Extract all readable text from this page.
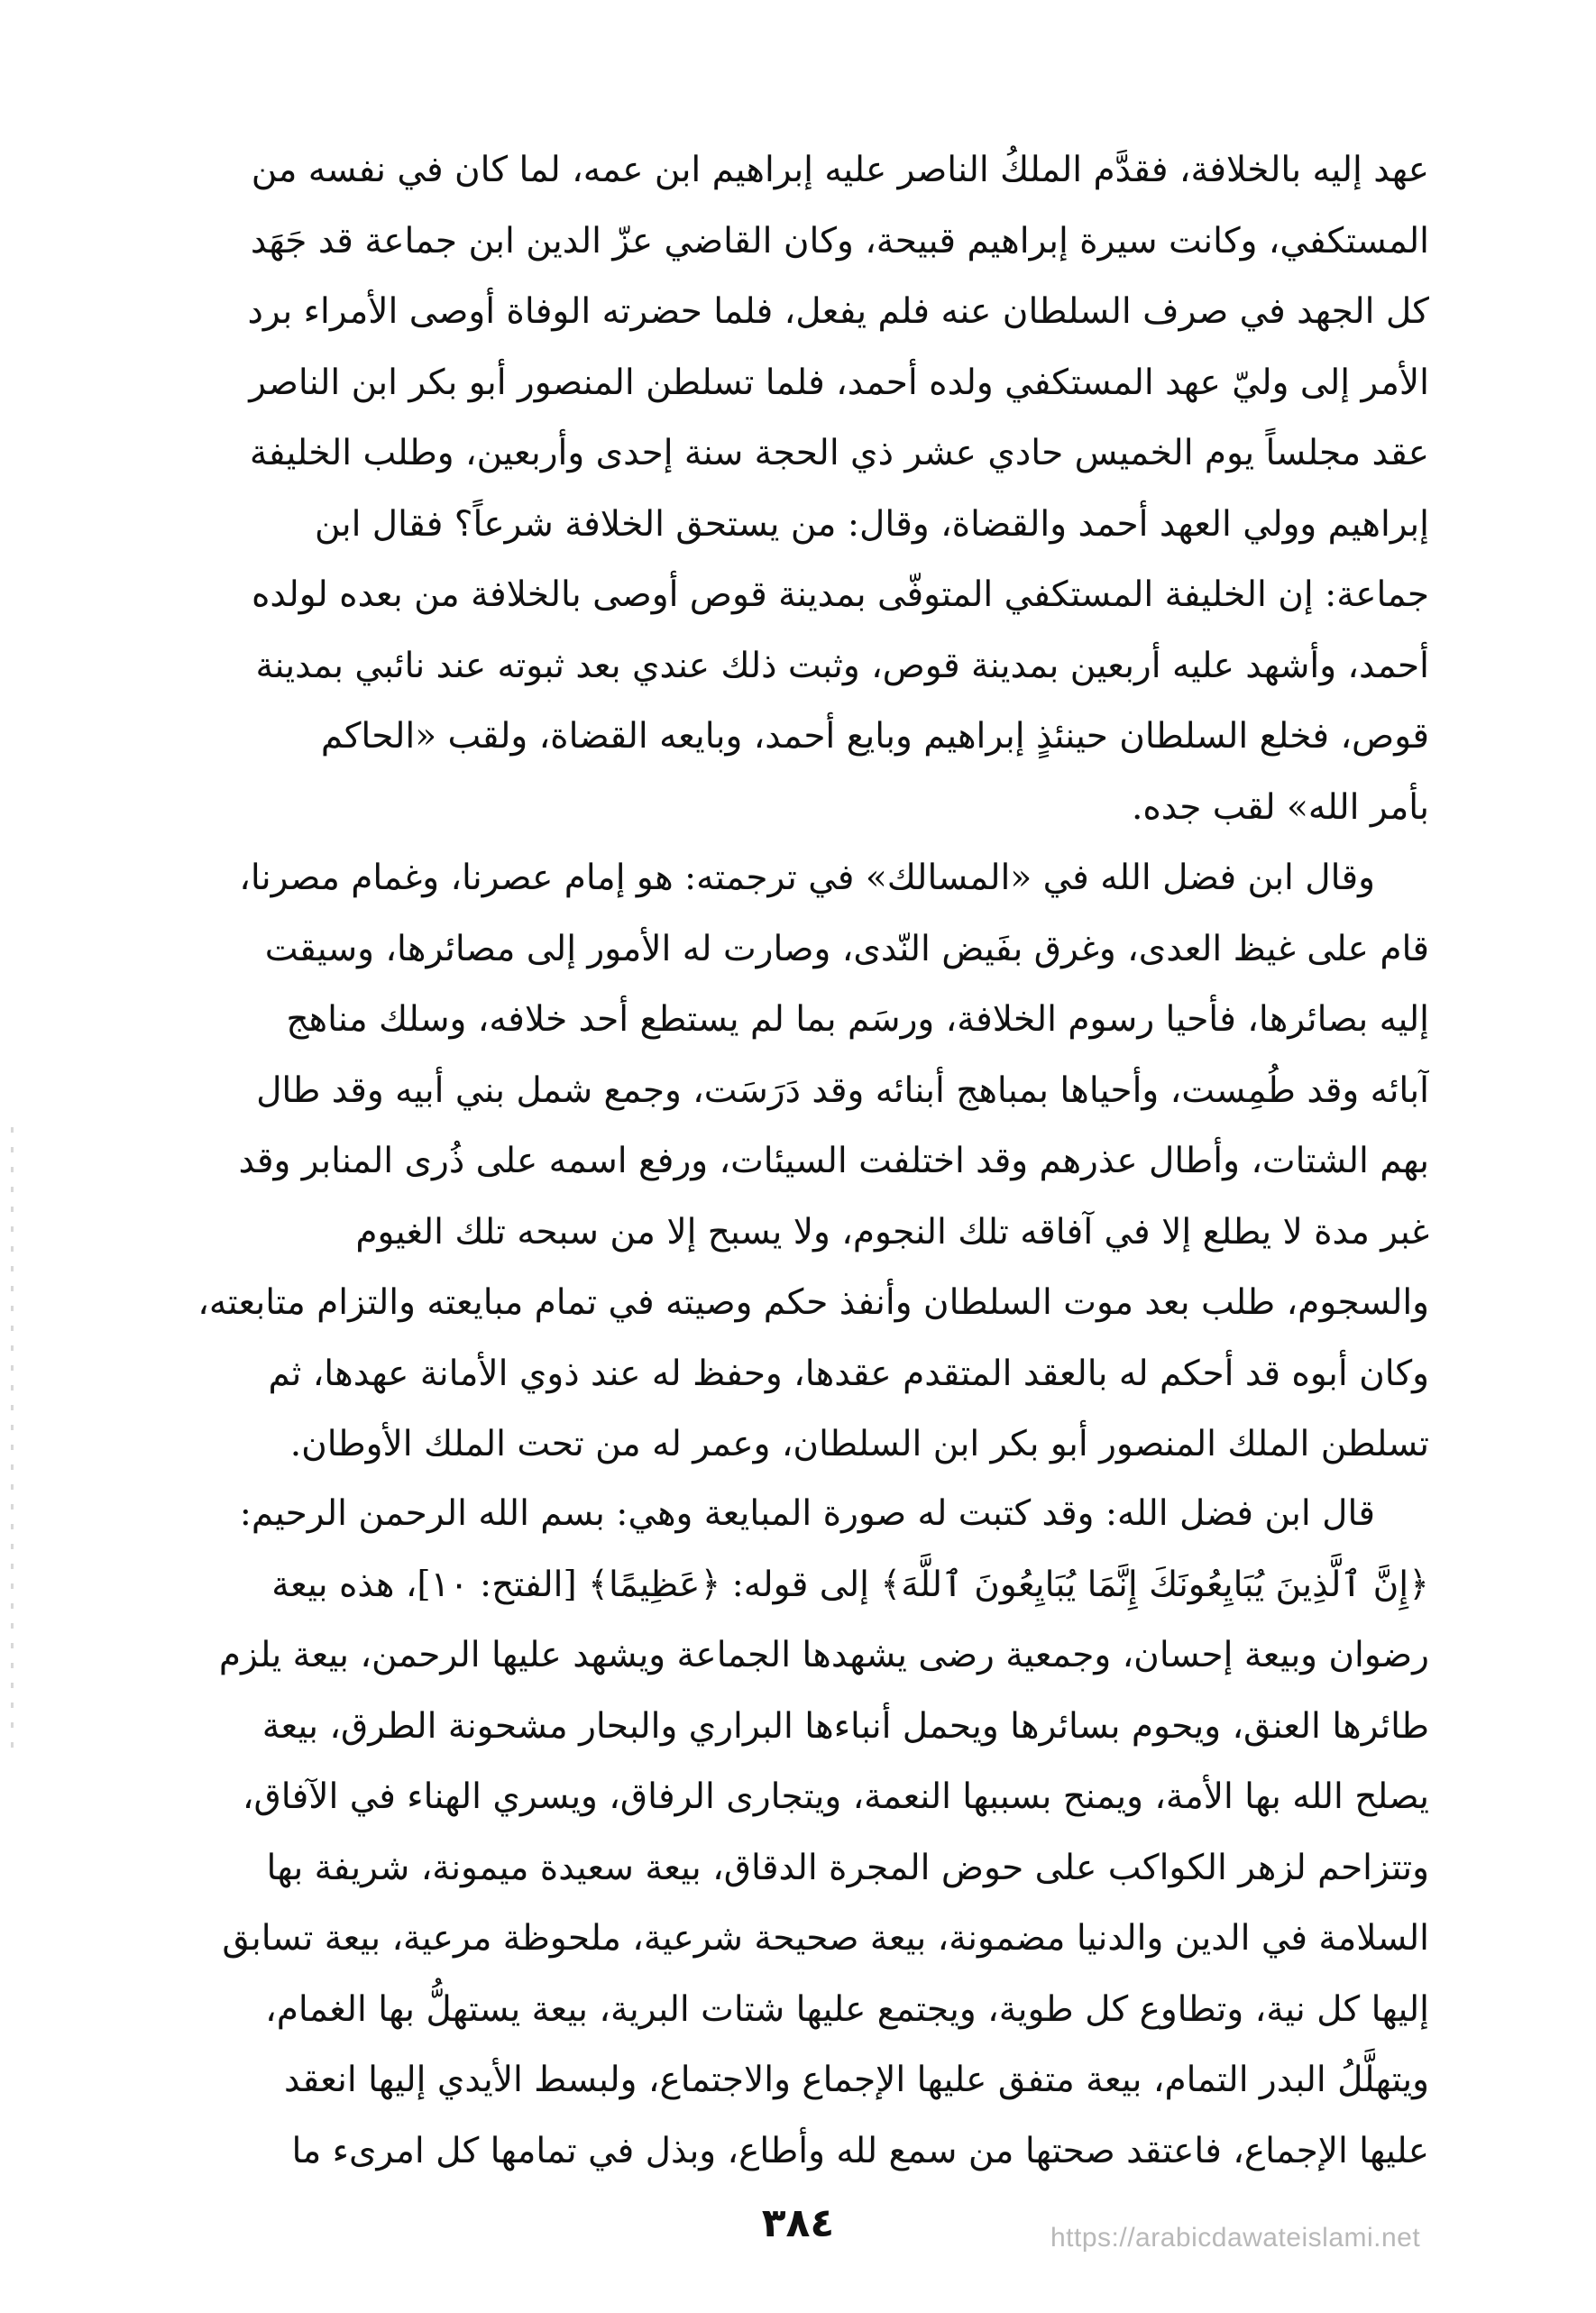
عهد إليه بالخلافة، فقدَّم الملكُ الناصر عليه إبراهيم ابن عمه، لما كان في نفسه من
المستكفي، وكانت سيرة إبراهيم قبيحة، وكان القاضي عزّ الدين ابن جماعة قد جَهَد
كل الجهد في صرف السلطان عنه فلم يفعل، فلما حضرته الوفاة أوصى الأمراء برد
الأمر إلى وليّ عهد المستكفي ولده أحمد، فلما تسلطن المنصور أبو بكر ابن الناصر
عقد مجلساً يوم الخميس حادي عشر ذي الحجة سنة إحدى وأربعين، وطلب الخليفة
إبراهيم وولي العهد أحمد والقضاة، وقال: من يستحق الخلافة شرعاً؟ فقال ابن
جماعة: إن الخليفة المستكفي المتوفّى بمدينة قوص أوصى بالخلافة من بعده لولده
أحمد، وأشهد عليه أربعين بمدينة قوص، وثبت ذلك عندي بعد ثبوته عند نائبي بمدينة
قوص، فخلع السلطان حينئذٍ إبراهيم وبايع أحمد، وبايعه القضاة، ولقب «الحاكم
بأمر الله» لقب جده.

وقال ابن فضل الله في «المسالك» في ترجمته: هو إمام عصرنا، وغمام مصرنا،
قام على غيظ العدى، وغرق بفَيض النّدى، وصارت له الأمور إلى مصائرها، وسيقت
إليه بصائرها، فأحيا رسوم الخلافة، ورسَم بما لم يستطع أحد خلافه، وسلك مناهج
آبائه وقد طُمِست، وأحياها بمباهج أبنائه وقد دَرَسَت، وجمع شمل بني أبيه وقد طال
بهم الشتات، وأطال عذرهم وقد اختلفت السيئات، ورفع اسمه على ذُرى المنابر وقد
غبر مدة لا يطلع إلا في آفاقه تلك النجوم، ولا يسبح إلا من سبحه تلك الغيوم
والسجوم، طلب بعد موت السلطان وأنفذ حكم وصيته في تمام مبايعته والتزام متابعته،
وكان أبوه قد أحكم له بالعقد المتقدم عقدها، وحفظ له عند ذوي الأمانة عهدها، ثم
تسلطن الملك المنصور أبو بكر ابن السلطان، وعمر له من تحت الملك الأوطان.

قال ابن فضل الله: وقد كتبت له صورة المبايعة وهي: بسم الله الرحمن الرحيم:
﴿إِنَّ ٱلَّذِينَ يُبَايِعُونَكَ إِنَّمَا يُبَايِعُونَ ٱللَّهَ﴾ إلى قوله: ﴿عَظِيمًا﴾ [الفتح: ١٠]، هذه بيعة
رضوان وبيعة إحسان، وجمعية رضى يشهدها الجماعة ويشهد عليها الرحمن، بيعة يلزم
طائرها العنق، ويحوم بسائرها ويحمل أنباءها البراري والبحار مشحونة الطرق، بيعة
يصلح الله بها الأمة، ويمنح بسببها النعمة، ويتجارى الرفاق، ويسري الهناء في الآفاق،
وتتزاحم لزهر الكواكب على حوض المجرة الدقاق، بيعة سعيدة ميمونة، شريفة بها
السلامة في الدين والدنيا مضمونة، بيعة صحيحة شرعية، ملحوظة مرعية، بيعة تسابق
إليها كل نية، وتطاوع كل طوية، ويجتمع عليها شتات البرية، بيعة يستهلُّ بها الغمام،
ويتهلَّلُ البدر التمام، بيعة متفق عليها الإجماع والاجتماع، ولبسط الأيدي إليها انعقد
عليها الإجماع، فاعتقد صحتها من سمع لله وأطاع، وبذل في تمامها كل امرىء ما

٣٨٤	https://arabicdawateislami.net
